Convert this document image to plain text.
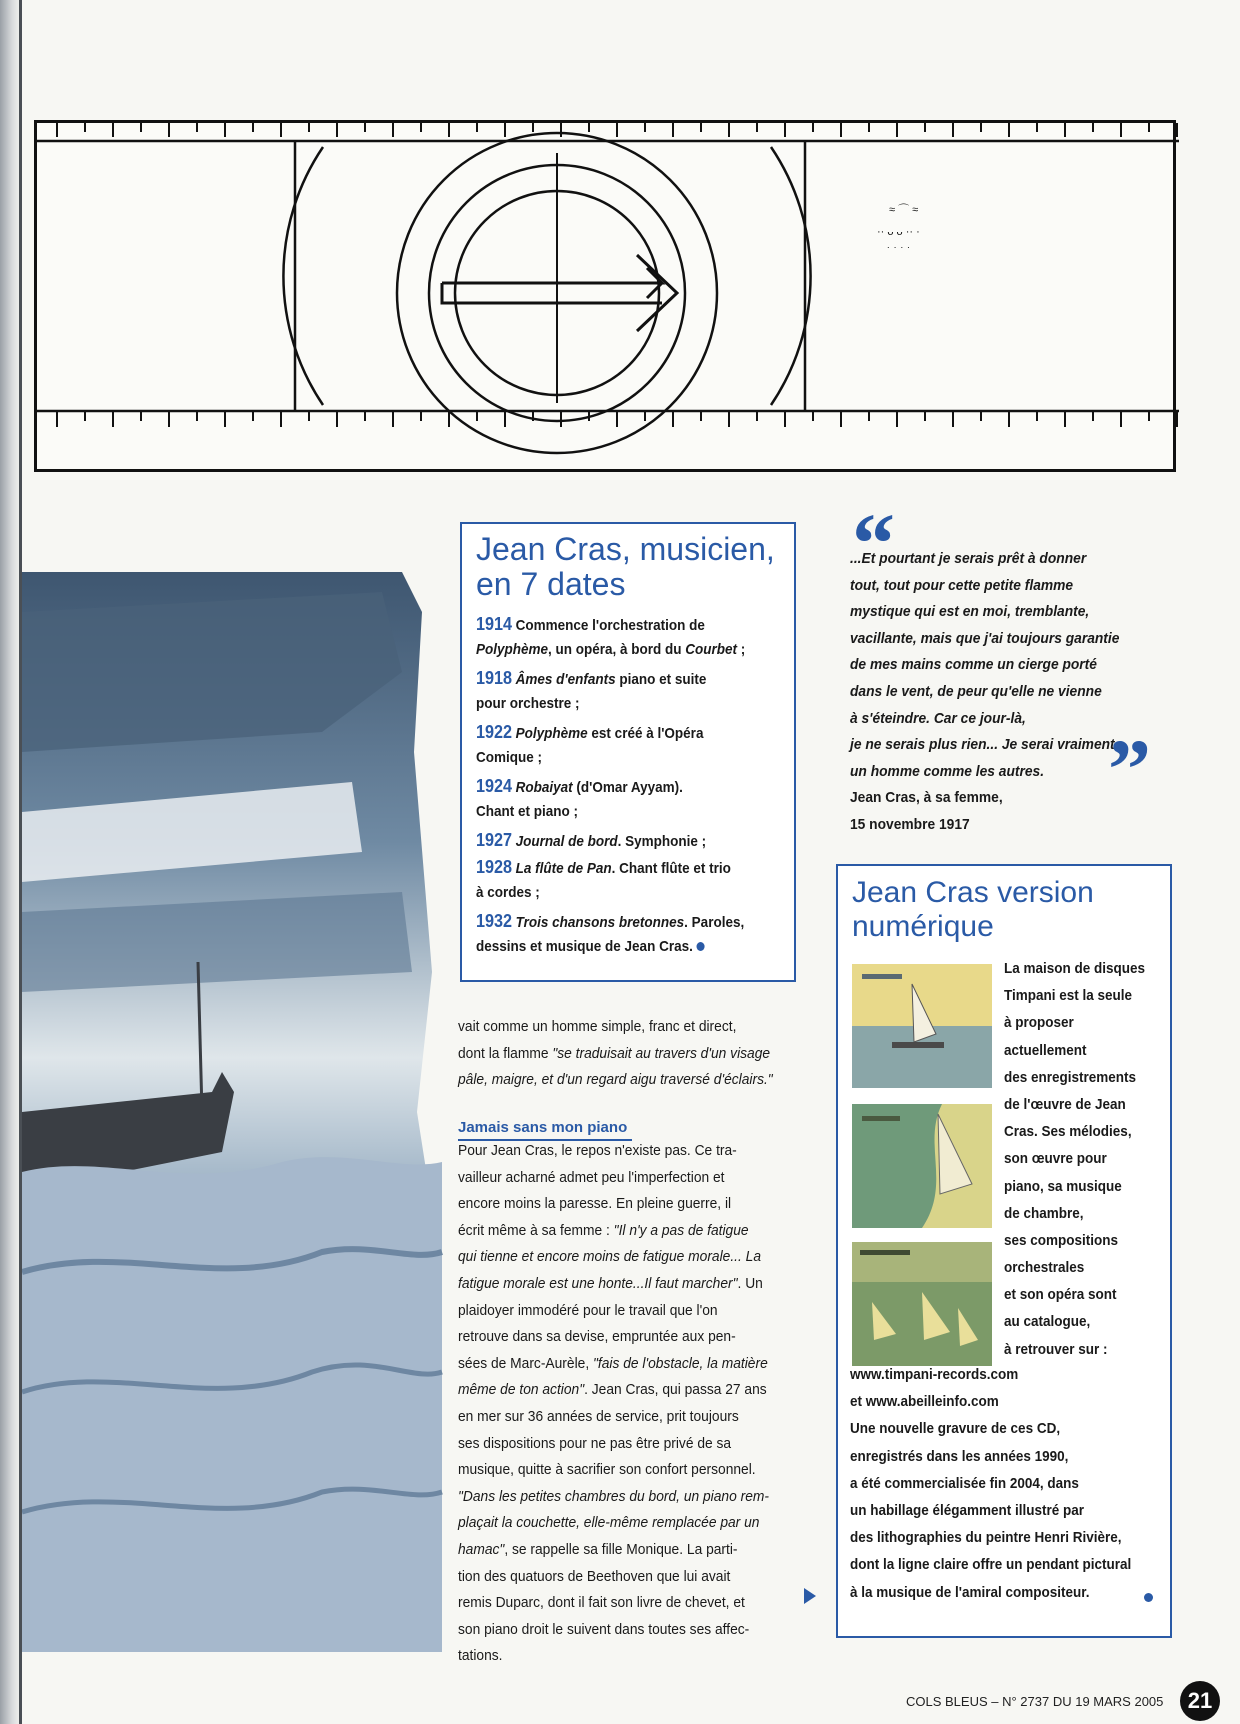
≈ ⌒ ≈
·· ᴗ ᴗ ·· ·
˙ ˙ ˙ ˙
Jean Cras, musicien,
en 7 dates
1914 Commence l'orchestration de
Polyphème, un opéra, à bord du Courbet ;
1918 Âmes d'enfants piano et suite
pour orchestre ;
1922 Polyphème est créé à l'Opéra
Comique ;
1924 Robaiyat (d'Omar Ayyam).
Chant et piano ;
1927 Journal de bord. Symphonie ;
1928 La flûte de Pan. Chant flûte et trio
à cordes ;
1932 Trois chansons bretonnes. Paroles,
dessins et musique de Jean Cras.
vait comme un homme simple, franc et direct,
dont la flamme "se traduisait au travers d'un visage
pâle, maigre, et d'un regard aigu traversé d'éclairs."
Jamais sans mon piano
Pour Jean Cras, le repos n'existe pas. Ce tra-
vailleur acharné admet peu l'imperfection et
encore moins la paresse. En pleine guerre, il
écrit même à sa femme : "Il n'y a pas de fatigue
qui tienne et encore moins de fatigue morale... La
fatigue morale est une honte...Il faut marcher". Un
plaidoyer immodéré pour le travail que l'on
retrouve dans sa devise, empruntée aux pen-
sées de Marc-Aurèle, "fais de l'obstacle, la matière
même de ton action". Jean Cras, qui passa 27 ans
en mer sur 36 années de service, prit toujours
ses dispositions pour ne pas être privé de sa
musique, quitte à sacrifier son confort personnel.
"Dans les petites chambres du bord, un piano rem-
plaçait la couchette, elle-même remplacée par un
hamac", se rappelle sa fille Monique. La parti-
tion des quatuors de Beethoven que lui avait
remis Duparc, dont il fait son livre de chevet, et
son piano droit le suivent dans toutes ses affec-
tations.
“
...Et pourtant je serais prêt à donner
tout, tout pour cette petite flamme
mystique qui est en moi, tremblante,
vacillante, mais que j'ai toujours garantie
de mes mains comme un cierge porté
dans le vent, de peur qu'elle ne vienne
à s'éteindre. Car ce jour-là,
je ne serais plus rien... Je serai vraiment
un homme comme les autres.
Jean Cras, à sa femme,
15 novembre 1917
”
Jean Cras version
numérique
La maison de disques
Timpani est la seule
à proposer
actuellement
des enregistrements
de l'œuvre de Jean
Cras. Ses mélodies,
son œuvre pour
piano, sa musique
de chambre,
ses compositions
orchestrales
et son opéra sont
au catalogue,
à retrouver sur :
www.timpani-records.com
et www.abeilleinfo.com
Une nouvelle gravure de ces CD,
enregistrés dans les années 1990,
a été commercialisée fin 2004, dans
un habillage élégamment illustré par
des lithographies du peintre Henri Rivière,
dont la ligne claire offre un pendant pictural
à la musique de l'amiral compositeur.
COLS BLEUS – N° 2737 DU 19 MARS 2005	21
